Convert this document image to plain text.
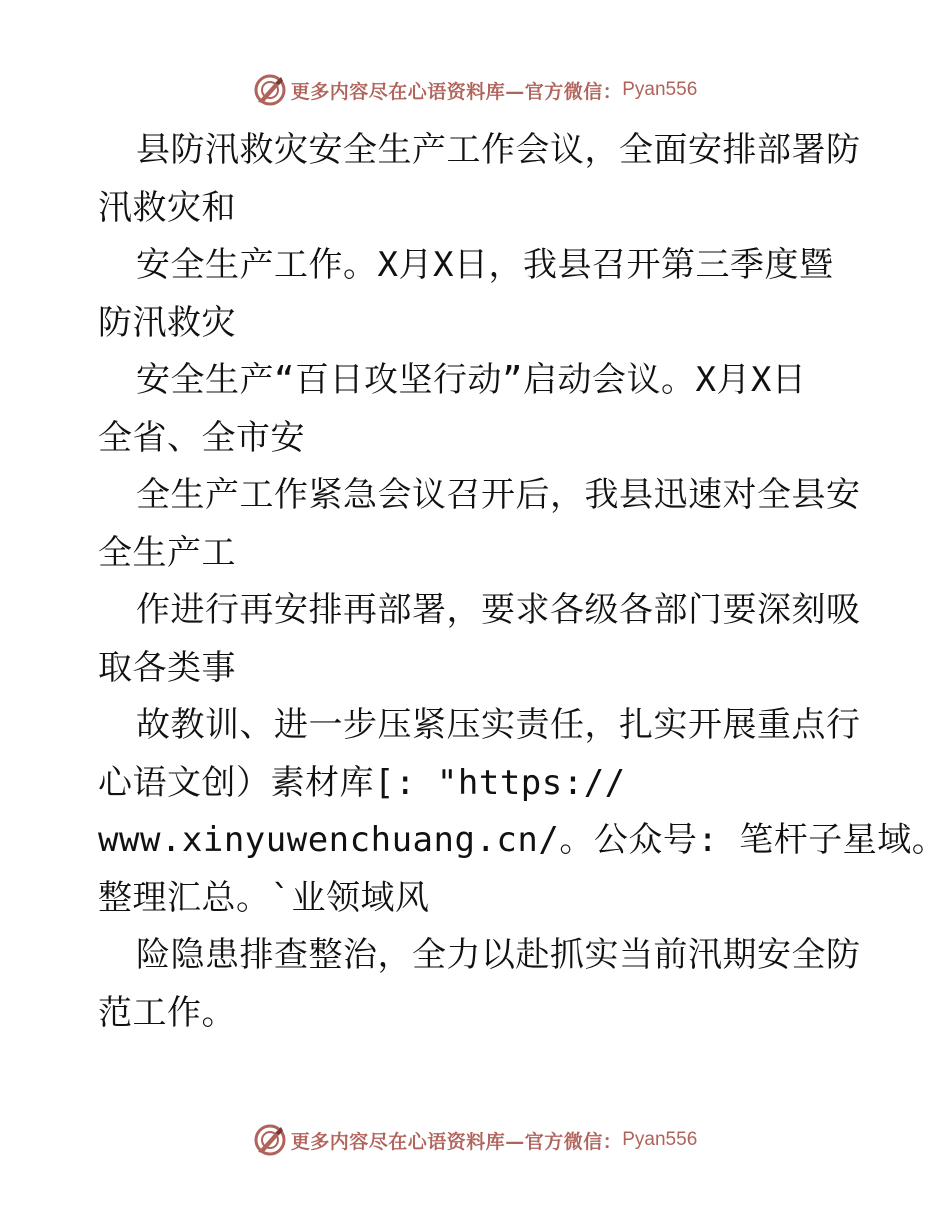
更多内容尽在心语资料库—官方微信： Pyan556
县防汛救灾安全生产工作会议，全面安排部署防
汛救灾和
安全生产工作。X月X日，我县召开第三季度暨
防汛救灾
安全生产“百日攻坚行动”启动会议。X月X日
全省、全市安
全生产工作紧急会议召开后，我县迅速对全县安
全生产工
作进行再安排再部署，要求各级各部门要深刻吸
取各类事
故教训、进一步压紧压实责任，扎实开展重点行
心语文创）素材库[: "https://
www.xinyuwenchuang.cn/。公众号: 笔杆子星域。
整理汇总。`业领域风
险隐患排查整治，全力以赴抓实当前汛期安全防
范工作。
更多内容尽在心语资料库—官方微信： Pyan556
